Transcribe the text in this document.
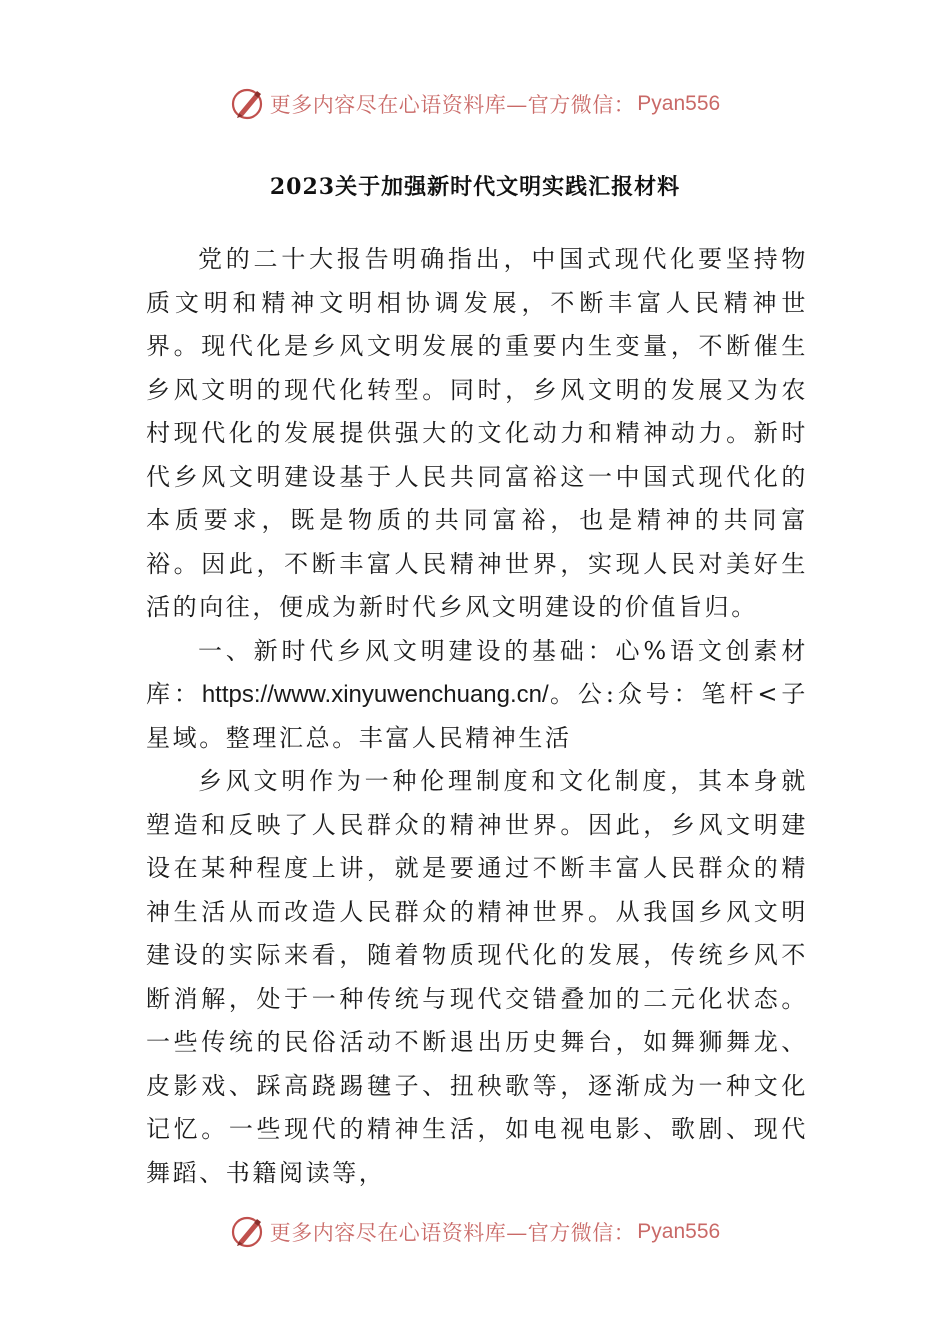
更多内容尽在心语资料库—官方微信： Pyan556
2023关于加强新时代文明实践汇报材料

党的二十大报告明确指出，中国式现代化要坚持物质文明和精神文明相协调发展，不断丰富人民精神世界。现代化是乡风文明发展的重要内生变量，不断催生乡风文明的现代化转型。同时，乡风文明的发展又为农村现代化的发展提供强大的文化动力和精神动力。新时代乡风文明建设基于人民共同富裕这一中国式现代化的本质要求，既是物质的共同富裕，也是精神的共同富裕。因此，不断丰富人民精神世界，实现人民对美好生活的向往，便成为新时代乡风文明建设的价值旨归。

一、新时代乡风文明建设的基础：心%语文创素材库：https://www.xinyuwenchuang.cn/。公:众号：笔杆<子星域。整理汇总。丰富人民精神生活

乡风文明作为一种伦理制度和文化制度，其本身就塑造和反映了人民群众的精神世界。因此，乡风文明建设在某种程度上讲，就是要通过不断丰富人民群众的精神生活从而改造人民群众的精神世界。从我国乡风文明建设的实际来看，随着物质现代化的发展，传统乡风不断消解，处于一种传统与现代交错叠加的二元化状态。一些传统的民俗活动不断退出历史舞台，如舞狮舞龙、皮影戏、踩高跷踢毽子、扭秧歌等，逐渐成为一种文化记忆。一些现代的精神生活，如电视电影、歌剧、现代舞蹈、书籍阅读等，

更多内容尽在心语资料库—官方微信： Pyan556
